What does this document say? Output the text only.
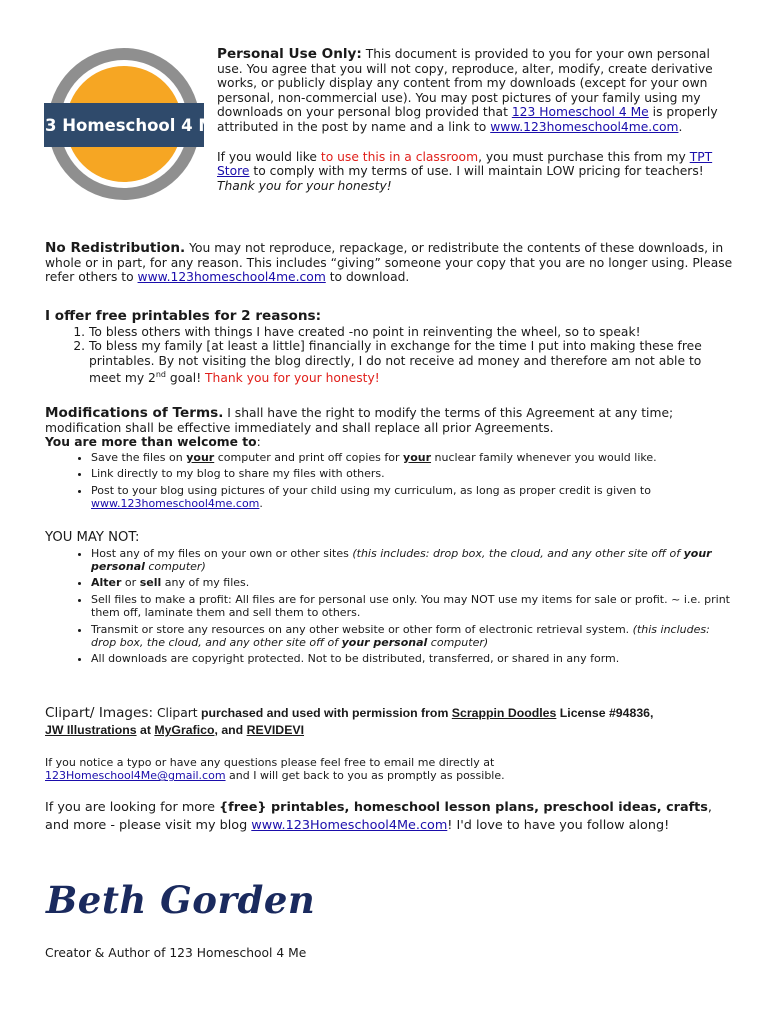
123 Homeschool 4 Me

Personal Use Only: This document is provided to you for your own personal use. You agree that you will not copy, reproduce, alter, modify, create derivative works, or publicly display any content from my downloads (except for your own personal, non-commercial use). You may post pictures of your family using my downloads on your personal blog provided that 123 Homeschool 4 Me is properly attributed in the post by name and a link to www.123homeschool4me.com.

If you would like to use this in a classroom, you must purchase this from my TPT Store to comply with my terms of use. I will maintain LOW pricing for teachers! Thank you for your honesty!

No Redistribution. You may not reproduce, repackage, or redistribute the contents of these downloads, in whole or in part, for any reason. This includes “giving” someone your copy that you are no longer using. Please refer others to www.123homeschool4me.com to download.
I offer free printables for 2 reasons:
1. To bless others with things I have created -no point in reinventing the wheel, so to speak!
2. To bless my family [at least a little] financially in exchange for the time I put into making these free printables. By not visiting the blog directly, I do not receive ad money and therefore am not able to meet my 2nd goal! Thank you for your honesty!
Modifications of Terms. I shall have the right to modify the terms of this Agreement at any time; modification shall be effective immediately and shall replace all prior Agreements.
You are more than welcome to:
• Save the files on your computer and print off copies for your nuclear family whenever you would like.
• Link directly to my blog to share my files with others.
• Post to your blog using pictures of your child using my curriculum, as long as proper credit is given to www.123homeschool4me.com.
YOU MAY NOT:
• Host any of my files on your own or other sites (this includes: drop box, the cloud, and any other site off of your personal computer)
• Alter or sell any of my files.
• Sell files to make a profit: All files are for personal use only. You may NOT use my items for sale or profit. ~ i.e. print them off, laminate them and sell them to others.
• Transmit or store any resources on any other website or other form of electronic retrieval system. (this includes: drop box, the cloud, and any other site off of your personal computer)
• All downloads are copyright protected. Not to be distributed, transferred, or shared in any form.
Clipart/ Images: Clipart purchased and used with permission from Scrappin Doodles License #94836,
JW Illustrations at MyGrafico, and REVIDEVI
If you notice a typo or have any questions please feel free to email me directly at
123Homeschool4Me@gmail.com and I will get back to you as promptly as possible.
If you are looking for more {free} printables, homeschool lesson plans, preschool ideas, crafts, and more - please visit my blog www.123Homeschool4Me.com! I'd love to have you follow along!
Beth Gorden
Creator & Author of 123 Homeschool 4 Me
